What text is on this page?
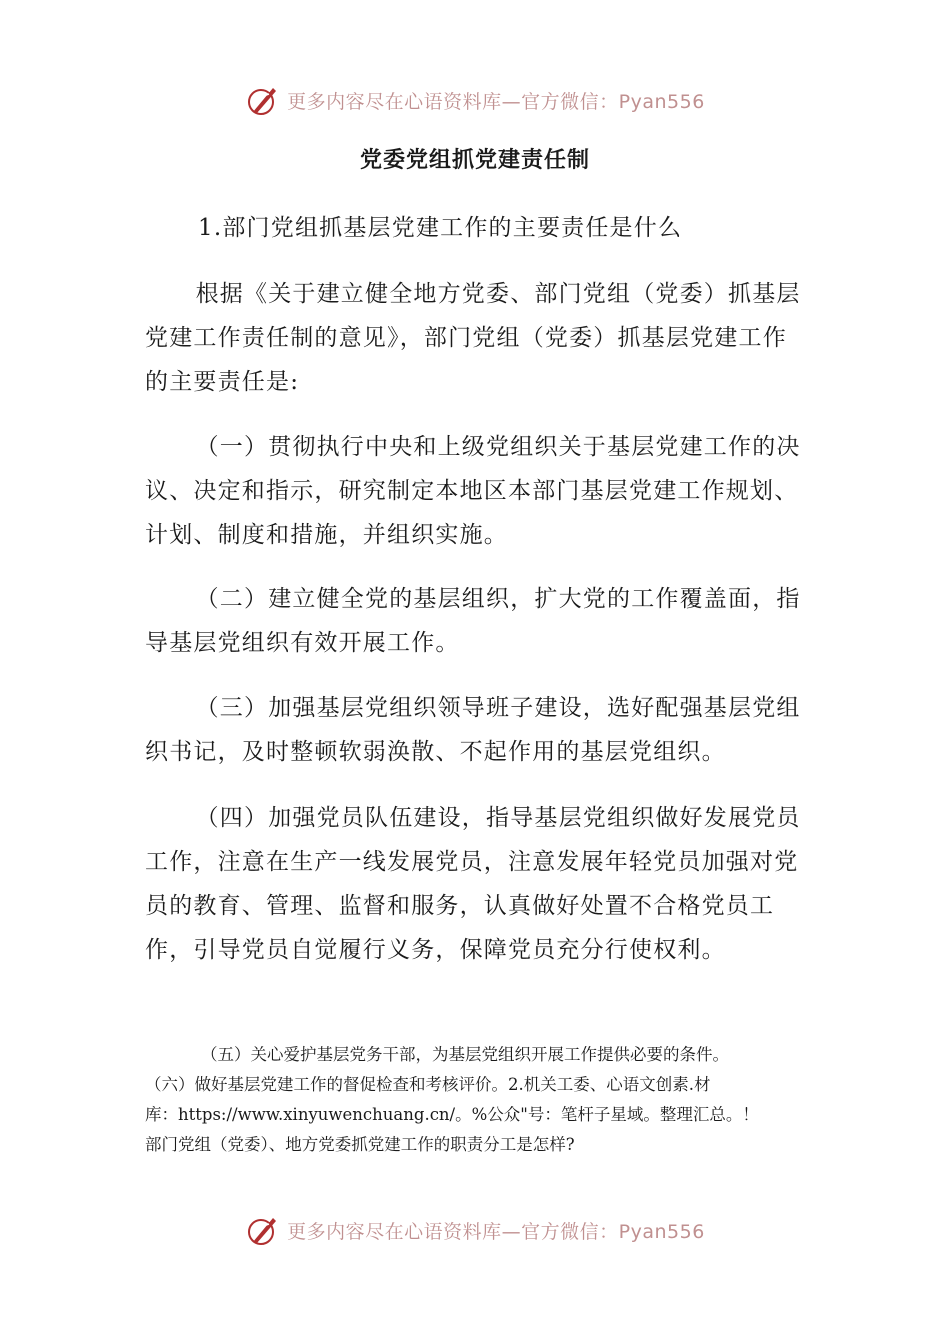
更多内容尽在心语资料库—官方微信：Pyan556
党委党组抓党建责任制
1.部门党组抓基层党建工作的主要责任是什么
根据《关于建立健全地方党委、部门党组（党委）抓基层党建工作责任制的意见》，部门党组（党委）抓基层党建工作的主要责任是:
（一）贯彻执行中央和上级党组织关于基层党建工作的决议、决定和指示，研究制定本地区本部门基层党建工作规划、计划、制度和措施，并组织实施。
（二）建立健全党的基层组织，扩大党的工作覆盖面，指导基层党组织有效开展工作。
（三）加强基层党组织领导班子建设，选好配强基层党组织书记，及时整顿软弱涣散、不起作用的基层党组织。
（四）加强党员队伍建设，指导基层党组织做好发展党员工作，注意在生产一线发展党员，注意发展年轻党员加强对党员的教育、管理、监督和服务，认真做好处置不合格党员工作，引导党员自觉履行义务，保障党员充分行使权利。
（五）关心爱护基层党务干部，为基层党组织开展工作提供必要的条件。
（六）做好基层党建工作的督促检查和考核评价。2.机关工委、心语文创素.材
库：https://www.xinyuwenchuang.cn/。%公众"号：笔杆子星域。整理汇总。！
部门党组（党委）、地方党委抓党建工作的职责分工是怎样?
更多内容尽在心语资料库—官方微信：Pyan556
